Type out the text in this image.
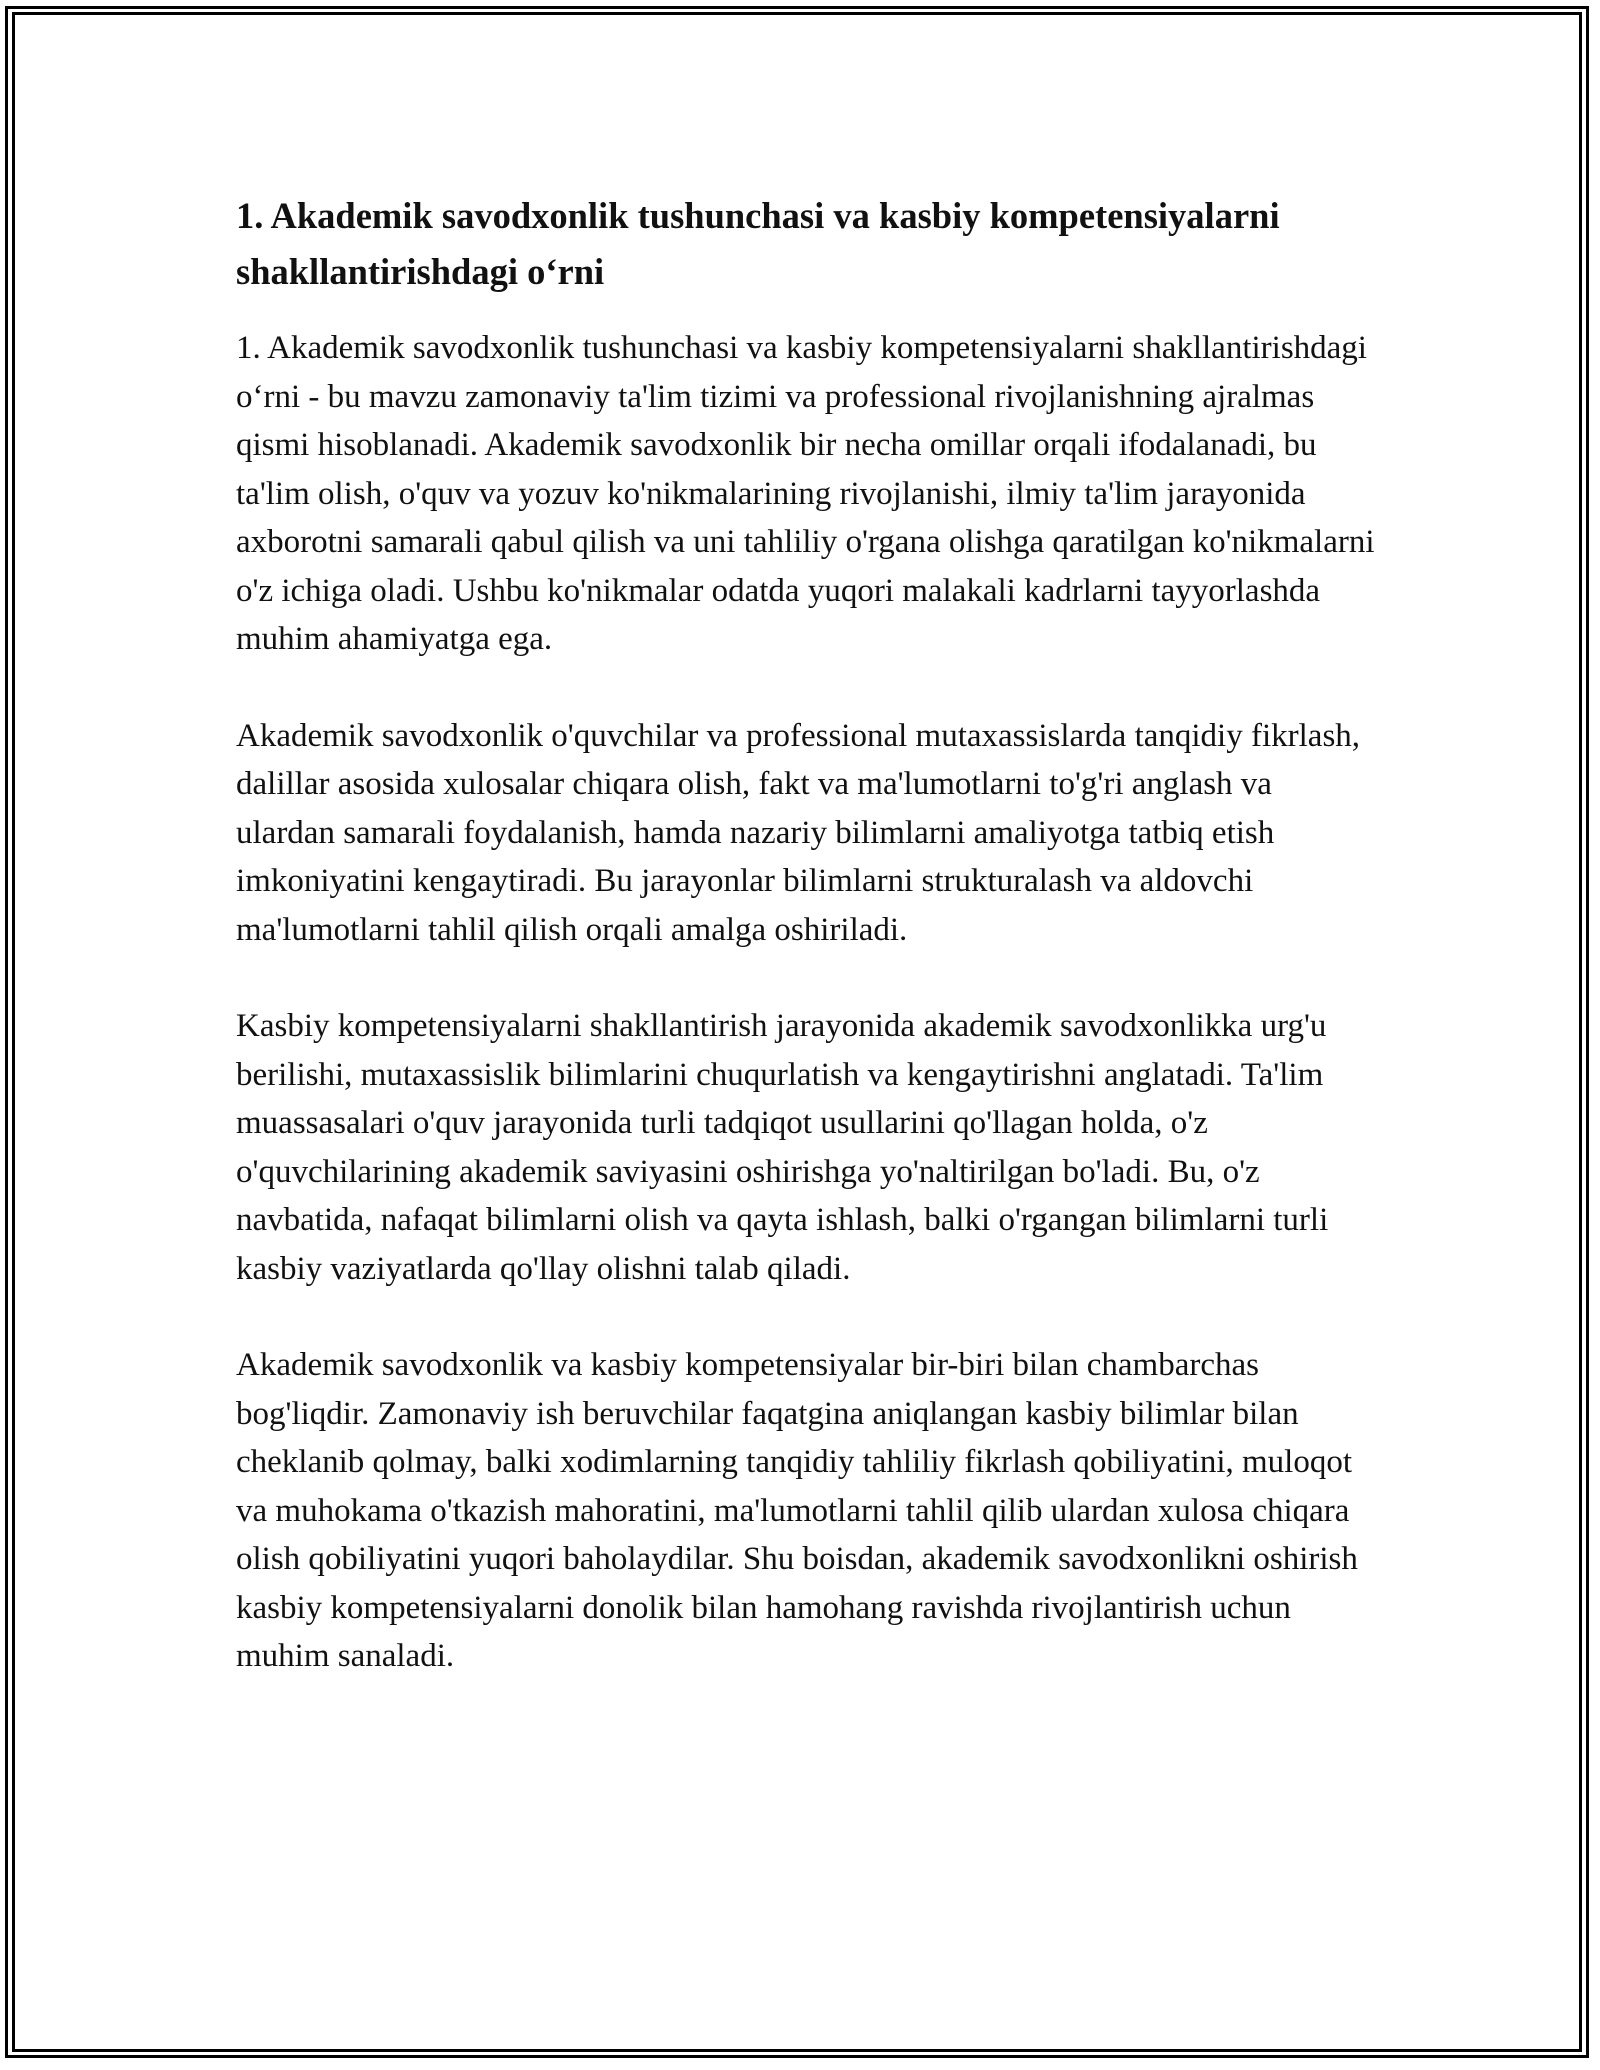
1. Akademik savodxonlik tushunchasi va kasbiy kompetensiyalarni shakllantirishdagi o‘rni

1. Akademik savodxonlik tushunchasi va kasbiy kompetensiyalarni shakllantirishdagi o‘rni - bu mavzu zamonaviy ta'lim tizimi va professional rivojlanishning ajralmas qismi hisoblanadi. Akademik savodxonlik bir necha omillar orqali ifodalanadi, bu ta'lim olish, o'quv va yozuv ko'nikmalarining rivojlanishi, ilmiy ta'lim jarayonida axborotni samarali qabul qilish va uni tahliliy o'rgana olishga qaratilgan ko'nikmalarni o'z ichiga oladi. Ushbu ko'nikmalar odatda yuqori malakali kadrlarni tayyorlashda muhim ahamiyatga ega.

Akademik savodxonlik o'quvchilar va professional mutaxassislarda tanqidiy fikrlash, dalillar asosida xulosalar chiqara olish, fakt va ma'lumotlarni to'g'ri anglash va ulardan samarali foydalanish, hamda nazariy bilimlarni amaliyotga tatbiq etish imkoniyatini kengaytiradi. Bu jarayonlar bilimlarni strukturalash va aldovchi ma'lumotlarni tahlil qilish orqali amalga oshiriladi.

Kasbiy kompetensiyalarni shakllantirish jarayonida akademik savodxonlikka urg'u berilishi, mutaxassislik bilimlarini chuqurlatish va kengaytirishni anglatadi. Ta'lim muassasalari o'quv jarayonida turli tadqiqot usullarini qo'llagan holda, o'z o'quvchilarining akademik saviyasini oshirishga yo'naltirilgan bo'ladi. Bu, o'z navbatida, nafaqat bilimlarni olish va qayta ishlash, balki o'rgangan bilimlarni turli kasbiy vaziyatlarda qo'llay olishni talab qiladi.

Akademik savodxonlik va kasbiy kompetensiyalar bir-biri bilan chambarchas bog'liqdir. Zamonaviy ish beruvchilar faqatgina aniqlangan kasbiy bilimlar bilan cheklanib qolmay, balki xodimlarning tanqidiy tahliliy fikrlash qobiliyatini, muloqot va muhokama o'tkazish mahoratini, ma'lumotlarni tahlil qilib ulardan xulosa chiqara olish qobiliyatini yuqori baholaydilar. Shu boisdan, akademik savodxonlikni oshirish kasbiy kompetensiyalarni donolik bilan hamohang ravishda rivojlantirish uchun muhim sanaladi.
